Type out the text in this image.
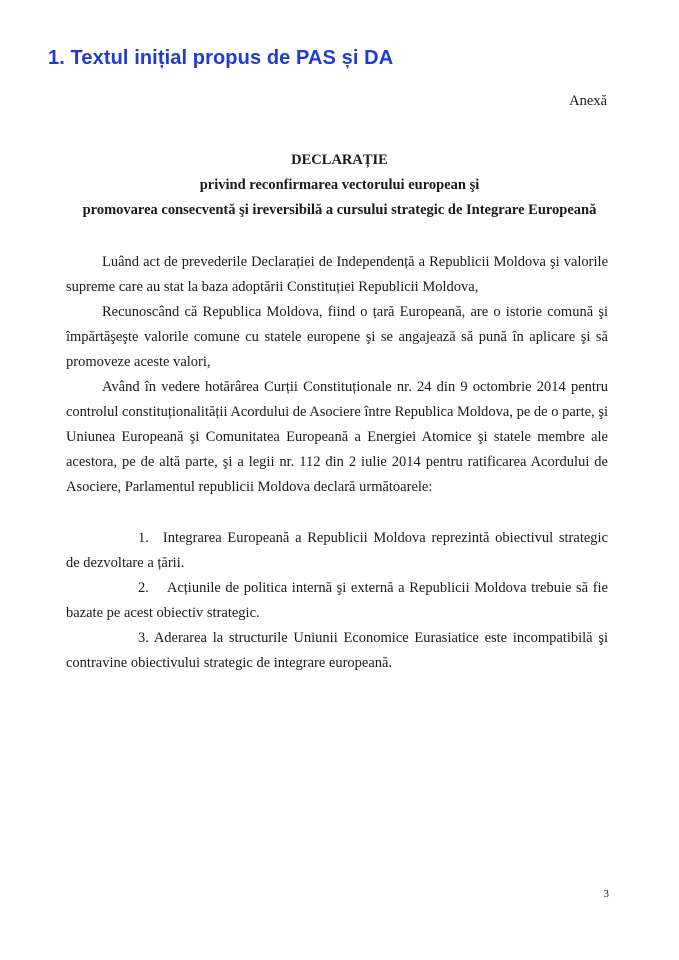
1. Textul inițial propus de PAS și DA
Anexă
DECLARAȚIE
privind reconfirmarea vectorului european şi
promovarea consecventă şi ireversibilă a cursului strategic de Integrare Europeană

Luând act de prevederile Declarației de Independență a Republicii Moldova şi valorile supreme care au stat la baza adoptării Constituției Republicii Moldova,

Recunoscând că Republica Moldova, fiind o țară Europeană, are o istorie comună şi împărtăşeşte valorile comune cu statele europene şi se angajează să pună în aplicare şi să promoveze aceste valori,

Având în vedere hotărârea Curții Constituționale nr. 24 din 9 octombrie 2014 pentru controlul constituționalității Acordului de Asociere între Republica Moldova, pe de o parte, şi Uniunea Europeană şi Comunitatea Europeană a Energiei Atomice şi statele membre ale acestora, pe de altă parte, şi a legii nr. 112 din 2 iulie 2014 pentru ratificarea Acordului de Asociere, Parlamentul republicii Moldova declară următoarele:

1. Integrarea Europeană a Republicii Moldova reprezintă obiectivul strategic de dezvoltare a țării.

2. Acțiunile de politica internă şi externă a Republicii Moldova trebuie să fie bazate pe acest obiectiv strategic.

3. Aderarea la structurile Uniunii Economice Eurasiatice este incompatibilă şi contravine obiectivului strategic de integrare europeană.

3
